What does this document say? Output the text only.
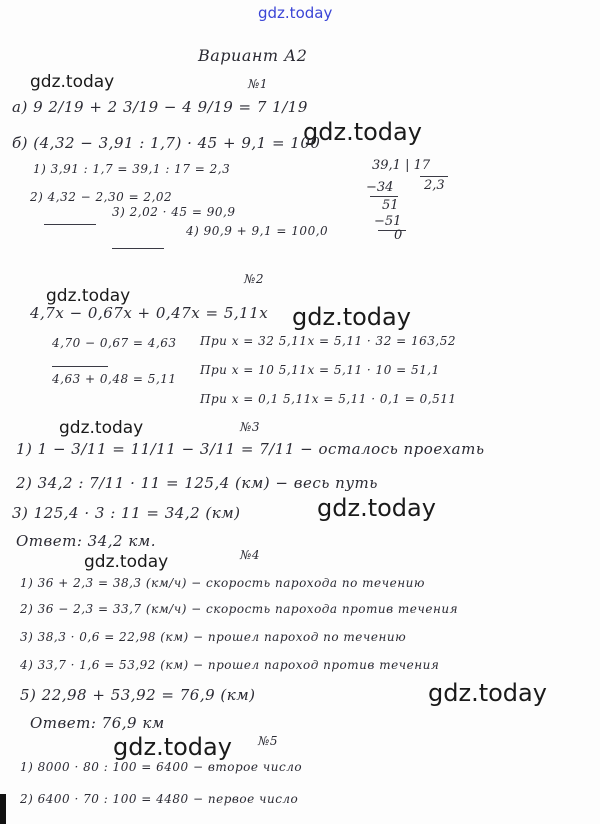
gdz.today
gdz.today
gdz.today
gdz.today
gdz.today
gdz.today
gdz.today
gdz.today
gdz.today
gdz.today
Вариант А2
№1
а) 9 2/19 + 2 3/19 − 4 9/19 = 7 1/19
б) (4,32 − 3,91 : 1,7) · 45 + 9,1 = 100
1) 3,91 : 1,7 = 39,1 : 17 = 2,3
2) 4,32 − 2,30 = 2,02
3) 2,02 · 45 = 90,9
4) 90,9 + 9,1 = 100,0
39,1 | 17
2,3
−34
51
−51
0
№2
4,7x − 0,67x + 0,47x = 5,11x
4,70 − 0,67 = 4,63
4,63 + 0,48 = 5,11
При x = 32 5,11x = 5,11 · 32 = 163,52
При x = 10 5,11x = 5,11 · 10 = 51,1
При x = 0,1 5,11x = 5,11 · 0,1 = 0,511
№3
1) 1 − 3/11 = 11/11 − 3/11 = 7/11 − осталось проехать
2) 34,2 : 7/11 · 11 = 125,4 (км) − весь путь
3) 125,4 · 3 : 11 = 34,2 (км)
Ответ: 34,2 км.
№4
1) 36 + 2,3 = 38,3 (км/ч) − скорость парохода по течению
2) 36 − 2,3 = 33,7 (км/ч) − скорость парохода против течения
3) 38,3 · 0,6 = 22,98 (км) − прошел пароход по течению
4) 33,7 · 1,6 = 53,92 (км) − прошел пароход против течения
5) 22,98 + 53,92 = 76,9 (км)
Ответ: 76,9 км
№5
1) 8000 · 80 : 100 = 6400 − второе число
2) 6400 · 70 : 100 = 4480 − первое число
